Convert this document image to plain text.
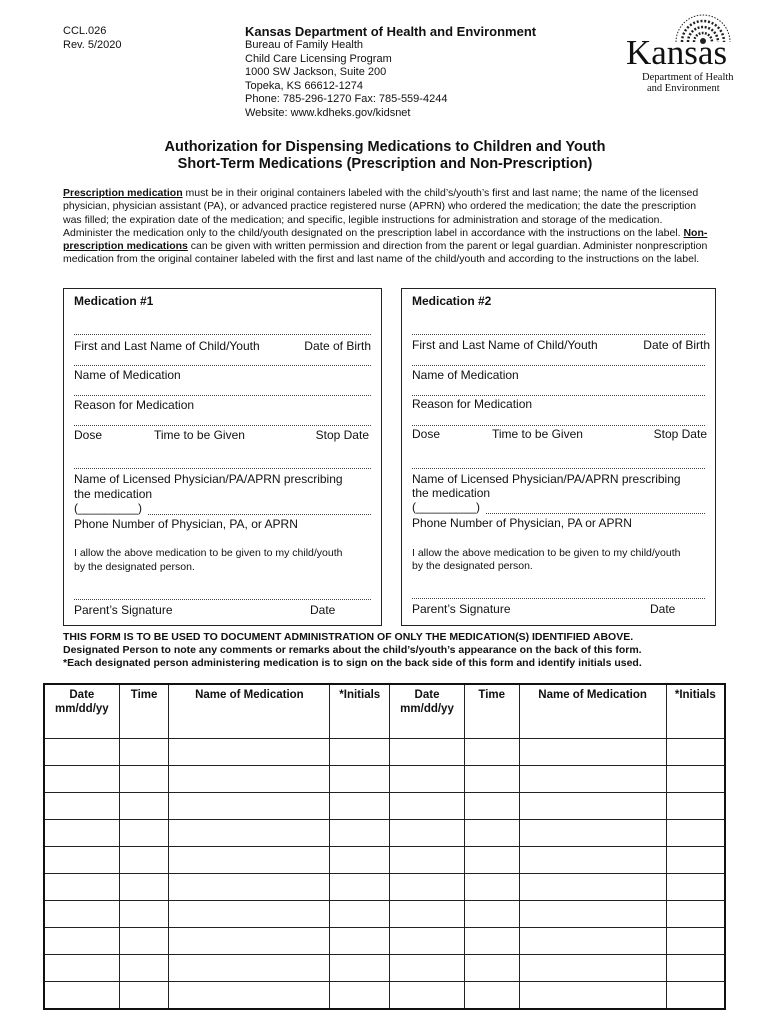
CCL.026
Rev. 5/2020
Kansas Department of Health and Environment
Bureau of Family Health
Child Care Licensing Program
1000 SW Jackson, Suite 200
Topeka, KS 66612-1274
Phone: 785-296-1270 Fax: 785-559-4244
Website: www.kdheks.gov/kidsnet
Kansas
Department of Health
and Environment
Authorization for Dispensing Medications to Children and Youth
Short-Term Medications (Prescription and Non-Prescription)
Prescription medication must be in their original containers labeled with the child’s/youth’s first and last name; the name of the licensed physician, physician assistant (PA), or advanced practice registered nurse (APRN) who ordered the medication; the date the prescription was filled; the expiration date of the medication; and specific, legible instructions for administration and storage of the medication. Administer the medication only to the child/youth designated on the prescription label in accordance with the instructions on the label. Non-prescription medications can be given with written permission and direction from the parent or legal guardian. Administer nonprescription medication from the original container labeled with the first and last name of the child/youth and according to the instructions on the label.
Medication #1
First and Last Name of Child/Youth	Date of Birth
Name of Medication
Reason for Medication
Dose	Time to be Given	Stop Date
Name of Licensed Physician/PA/APRN prescribing
the medication
(_________)
Phone Number of Physician, PA, or APRN
I allow the above medication to be given to my child/youth
by the designated person.
Parent’s Signature	Date
Medication #2
First and Last Name of Child/Youth	Date of Birth
Name of Medication
Reason for Medication
Dose	Time to be Given	Stop Date
Name of Licensed Physician/PA/APRN prescribing
the medication
(_________)
Phone Number of Physician, PA or APRN
I allow the above medication to be given to my child/youth
by the designated person.
Parent’s Signature	Date
THIS FORM IS TO BE USED TO DOCUMENT ADMINISTRATION OF ONLY THE MEDICATION(S) IDENTIFIED ABOVE.
Designated Person to note any comments or remarks about the child’s/youth’s appearance on the back of this form.
*Each designated person administering medication is to sign on the back side of this form and identify initials used.
Date mm/dd/yy	Time	Name of Medication	*Initials	Date mm/dd/yy	Time	Name of Medication	*Initials
